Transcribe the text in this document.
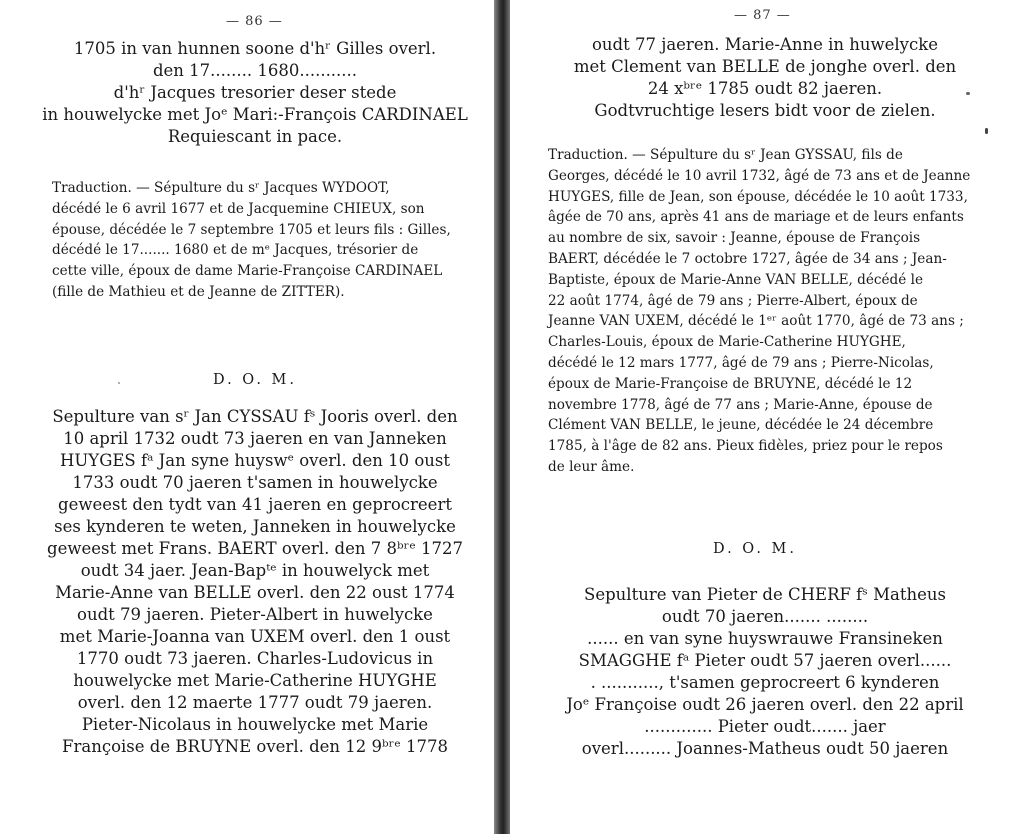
— 86 —
1705 in van hunnen soone d'hʳ Gilles overl.
den 17........ 1680...........
d'hʳ Jacques tresorier deser stede
in houwelycke met Joᵉ Mari:-François CARDINAEL
Requiescant in pace.
Traduction. — Sépulture du sʳ Jacques WYDOOT,
décédé le 6 avril 1677 et de Jacquemine CHIEUX, son
épouse, décédée le 7 septembre 1705 et leurs fils : Gilles,
décédé le 17....... 1680 et de mᵉ Jacques, trésorier de
cette ville, époux de dame Marie-Françoise CARDINAEL
(fille de Mathieu et de Jeanne de ZITTER).
D. O. M.
Sepulture van sʳ Jan CYSSAU fˢ Jooris overl. den
10 april 1732 oudt 73 jaeren en van Janneken
HUYGES fᵃ Jan syne huyswᵉ overl. den 10 oust
1733 oudt 70 jaeren t'samen in houwelycke
geweest den tydt van 41 jaeren en geprocreert
ses kynderen te weten, Janneken in houwelycke
geweest met Frans. BAERT overl. den 7 8ᵇʳᵉ 1727
oudt 34 jaer. Jean-Bapᵗᵉ in houwelyck met
Marie-Anne van BELLE overl. den 22 oust 1774
oudt 79 jaeren. Pieter-Albert in huwelycke
met Marie-Joanna van UXEM overl. den 1 oust
1770 oudt 73 jaeren. Charles-Ludovicus in
houwelycke met Marie-Catherine HUYGHE
overl. den 12 maerte 1777 oudt 79 jaeren.
Pieter-Nicolaus in houwelycke met Marie
Françoise de BRUYNE overl. den 12 9ᵇʳᵉ 1778
— 87 —
oudt 77 jaeren. Marie-Anne in huwelycke
met Clement van BELLE de jonghe overl. den
24 xᵇʳᵉ 1785 oudt 82 jaeren.
Godtvruchtige lesers bidt voor de zielen.
Traduction. — Sépulture du sʳ Jean GYSSAU, fils de
Georges, décédé le 10 avril 1732, âgé de 73 ans et de Jeanne
HUYGES, fille de Jean, son épouse, décédée le 10 août 1733,
âgée de 70 ans, après 41 ans de mariage et de leurs enfants
au nombre de six, savoir : Jeanne, épouse de François
BAERT, décédée le 7 octobre 1727, âgée de 34 ans ; Jean-
Baptiste, époux de Marie-Anne VAN BELLE, décédé le
22 août 1774, âgé de 79 ans ; Pierre-Albert, époux de
Jeanne VAN UXEM, décédé le 1ᵉʳ août 1770, âgé de 73 ans ;
Charles-Louis, époux de Marie-Catherine HUYGHE,
décédé le 12 mars 1777, âgé de 79 ans ; Pierre-Nicolas,
époux de Marie-Françoise de BRUYNE, décédé le 12
novembre 1778, âgé de 77 ans ; Marie-Anne, épouse de
Clément VAN BELLE, le jeune, décédée le 24 décembre
1785, à l'âge de 82 ans. Pieux fidèles, priez pour le repos
de leur âme.
D. O. M.
Sepulture van Pieter de CHERF fˢ Matheus
oudt 70 jaeren....... ........
...... en van syne huyswrauwe Fransineken
SMAGGHE fᵃ Pieter oudt 57 jaeren overl......
. ..........., t'samen geprocreert 6 kynderen
Joᵉ Françoise oudt 26 jaeren overl. den 22 april
............. Pieter oudt....... jaer
overl......... Joannes-Matheus oudt 50 jaeren
